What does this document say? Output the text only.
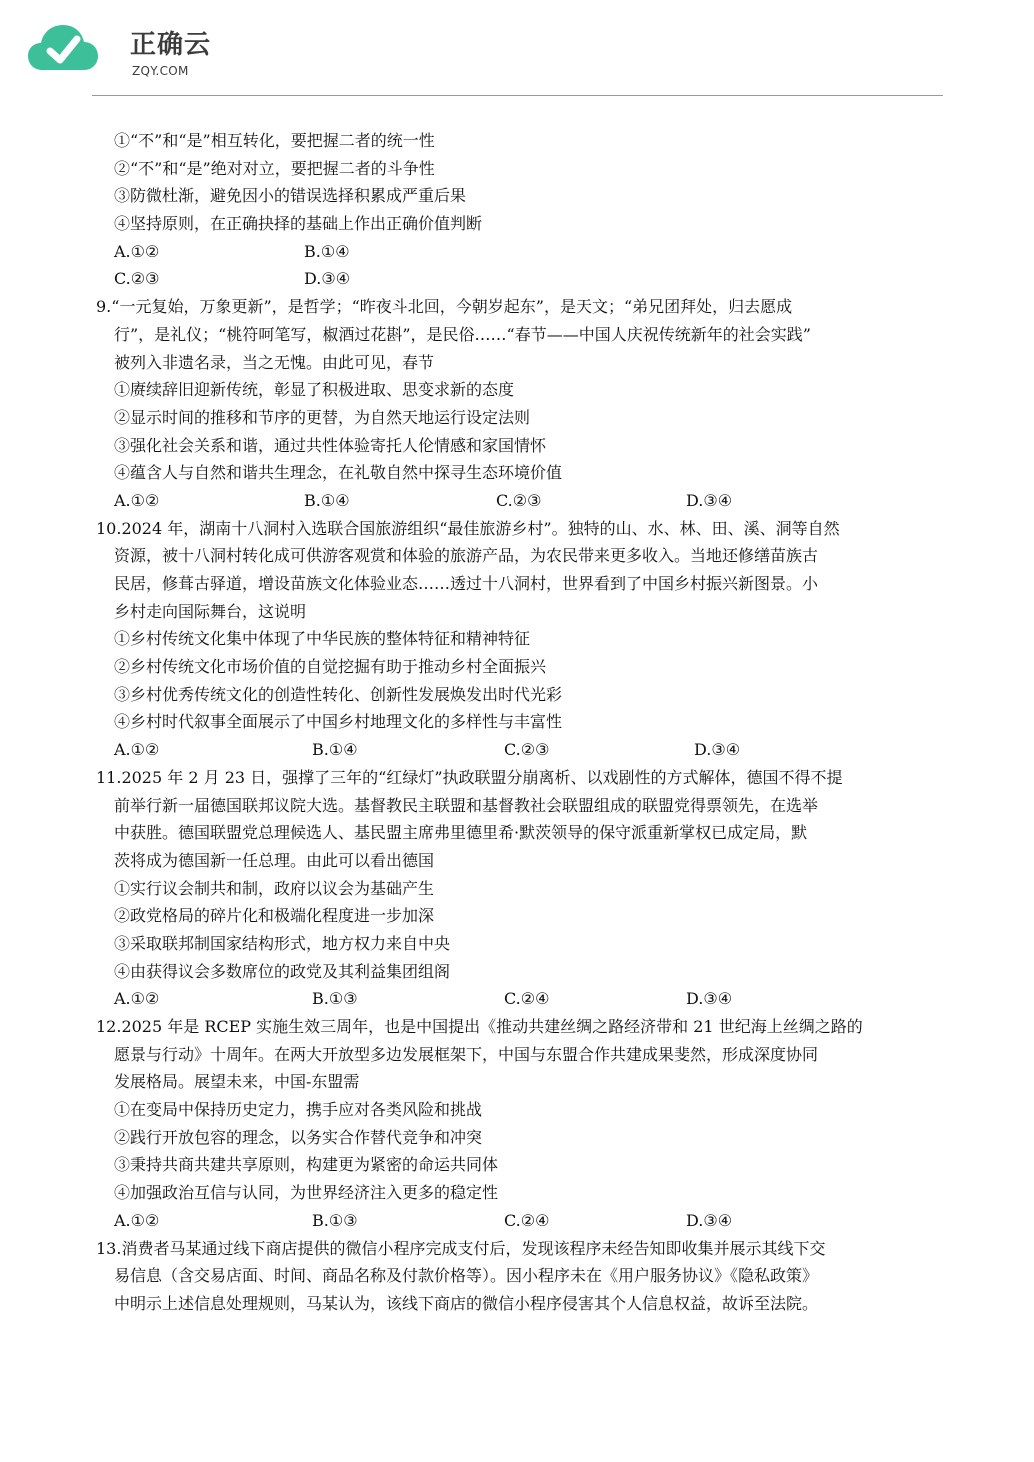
正确云
ZQY.COM
①“不”和“是”相互转化，要把握二者的统一性
②“不”和“是”绝对对立，要把握二者的斗争性
③防微杜渐，避免因小的错误选择积累成严重后果
④坚持原则，在正确抉择的基础上作出正确价值判断
A.①②	B.①④
C.②③	D.③④
9.“一元复始，万象更新”，是哲学；“昨夜斗北回，今朝岁起东”，是天文；“弟兄团拜处，归去愿成
行”，是礼仪；“桃符呵笔写，椒酒过花斟”，是民俗……“春节——中国人庆祝传统新年的社会实践”
被列入非遗名录，当之无愧。由此可见，春节
①赓续辞旧迎新传统，彰显了积极进取、思变求新的态度
②显示时间的推移和节序的更替，为自然天地运行设定法则
③强化社会关系和谐，通过共性体验寄托人伦情感和家国情怀
④蕴含人与自然和谐共生理念，在礼敬自然中探寻生态环境价值
A.①②	B.①④	C.②③	D.③④
10.2024 年，湖南十八洞村入选联合国旅游组织“最佳旅游乡村”。独特的山、水、林、田、溪、洞等自然
资源，被十八洞村转化成可供游客观赏和体验的旅游产品，为农民带来更多收入。当地还修缮苗族古
民居，修葺古驿道，增设苗族文化体验业态……透过十八洞村，世界看到了中国乡村振兴新图景。小
乡村走向国际舞台，这说明
①乡村传统文化集中体现了中华民族的整体特征和精神特征
②乡村传统文化市场价值的自觉挖掘有助于推动乡村全面振兴
③乡村优秀传统文化的创造性转化、创新性发展焕发出时代光彩
④乡村时代叙事全面展示了中国乡村地理文化的多样性与丰富性
A.①②	B.①④	C.②③	D.③④
11.2025 年 2 月 23 日，强撑了三年的“红绿灯”执政联盟分崩离析、以戏剧性的方式解体，德国不得不提
前举行新一届德国联邦议院大选。基督教民主联盟和基督教社会联盟组成的联盟党得票领先，在选举
中获胜。德国联盟党总理候选人、基民盟主席弗里德里希·默茨领导的保守派重新掌权已成定局，默
茨将成为德国新一任总理。由此可以看出德国
①实行议会制共和制，政府以议会为基础产生
②政党格局的碎片化和极端化程度进一步加深
③采取联邦制国家结构形式，地方权力来自中央
④由获得议会多数席位的政党及其利益集团组阁
A.①②	B.①③	C.②④	D.③④
12.2025 年是 RCEP 实施生效三周年，也是中国提出《推动共建丝绸之路经济带和 21 世纪海上丝绸之路的
愿景与行动》十周年。在两大开放型多边发展框架下，中国与东盟合作共建成果斐然，形成深度协同
发展格局。展望未来，中国-东盟需
①在变局中保持历史定力，携手应对各类风险和挑战
②践行开放包容的理念，以务实合作替代竞争和冲突
③秉持共商共建共享原则，构建更为紧密的命运共同体
④加强政治互信与认同，为世界经济注入更多的稳定性
A.①②	B.①③	C.②④	D.③④
13.消费者马某通过线下商店提供的微信小程序完成支付后，发现该程序未经告知即收集并展示其线下交
易信息（含交易店面、时间、商品名称及付款价格等）。因小程序未在《用户服务协议》《隐私政策》
中明示上述信息处理规则，马某认为，该线下商店的微信小程序侵害其个人信息权益，故诉至法院。
